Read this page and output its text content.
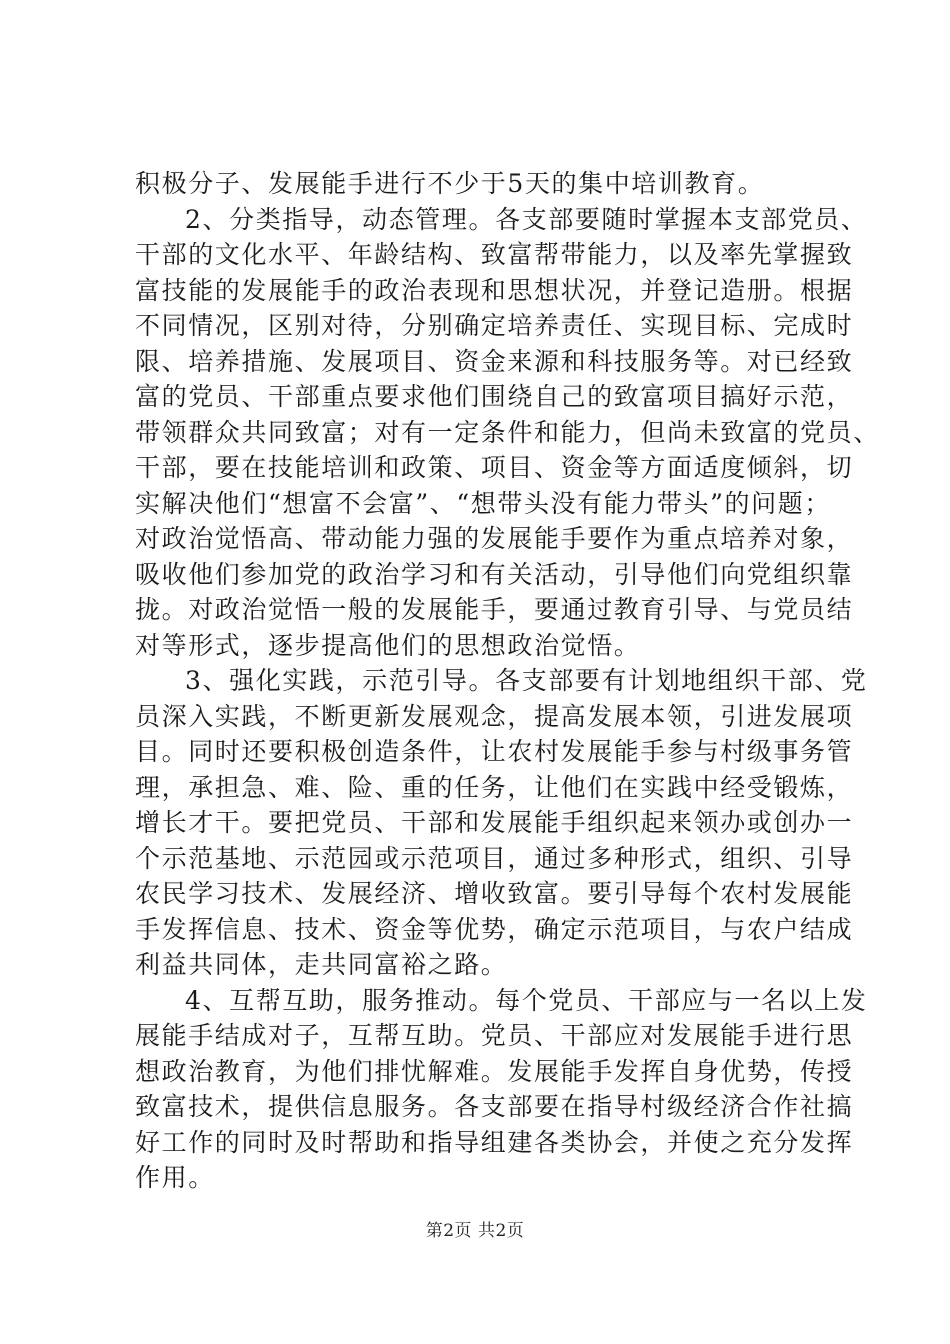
积极分子、发展能手进行不少于5天的集中培训教育。
2、分类指导，动态管理。各支部要随时掌握本支部党员、
干部的文化水平、年龄结构、致富帮带能力，以及率先掌握致
富技能的发展能手的政治表现和思想状况，并登记造册。根据
不同情况，区别对待，分别确定培养责任、实现目标、完成时
限、培养措施、发展项目、资金来源和科技服务等。对已经致
富的党员、干部重点要求他们围绕自己的致富项目搞好示范，
带领群众共同致富；对有一定条件和能力，但尚未致富的党员、
干部，要在技能培训和政策、项目、资金等方面适度倾斜，切
实解决他们“想富不会富”、“想带头没有能力带头”的问题；
对政治觉悟高、带动能力强的发展能手要作为重点培养对象，
吸收他们参加党的政治学习和有关活动，引导他们向党组织靠
拢。对政治觉悟一般的发展能手，要通过教育引导、与党员结
对等形式，逐步提高他们的思想政治觉悟。
3、强化实践，示范引导。各支部要有计划地组织干部、党
员深入实践，不断更新发展观念，提高发展本领，引进发展项
目。同时还要积极创造条件，让农村发展能手参与村级事务管
理，承担急、难、险、重的任务，让他们在实践中经受锻炼，
增长才干。要把党员、干部和发展能手组织起来领办或创办一
个示范基地、示范园或示范项目，通过多种形式，组织、引导
农民学习技术、发展经济、增收致富。要引导每个农村发展能
手发挥信息、技术、资金等优势，确定示范项目，与农户结成
利益共同体，走共同富裕之路。
4、互帮互助，服务推动。每个党员、干部应与一名以上发
展能手结成对子，互帮互助。党员、干部应对发展能手进行思
想政治教育，为他们排忧解难。发展能手发挥自身优势，传授
致富技术，提供信息服务。各支部要在指导村级经济合作社搞
好工作的同时及时帮助和指导组建各类协会，并使之充分发挥
作用。
第2页 共2页
